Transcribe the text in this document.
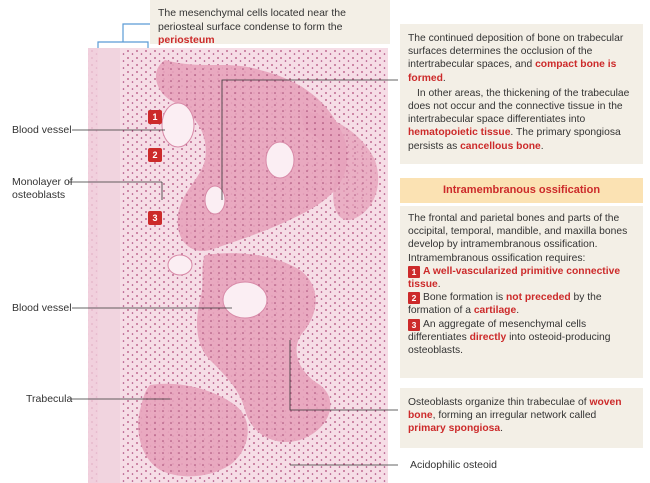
1
2
3
Blood vessel
Monolayer of
osteoblasts
Blood vessel
Trabecula
Acidophilic osteoid
The mesenchymal cells located near the periosteal surface condense to form the periosteum	The continued deposition of bone on trabecular surfaces determines the occlusion of the intertrabecular spaces, and compact bone is formed.

In other areas, the thickening of the trabeculae does not occur and the connective tissue in the intertrabecular space differentiates into hematopoietic tissue. The primary spongiosa persists as cancellous bone.

Intramembranous ossification

The frontal and parietal bones and parts of the occipital, temporal, mandible, and maxilla bones develop by intramembranous ossification.

Intramembranous ossification requires:

1 A well-vascularized primitive connective tissue.

2 Bone formation is not preceded by the formation of a cartilage.

3 An aggregate of mesenchymal cells differentiates directly into osteoid-producing osteoblasts.

Osteoblasts organize thin trabeculae of woven bone, forming an irregular network called primary spongiosa.
